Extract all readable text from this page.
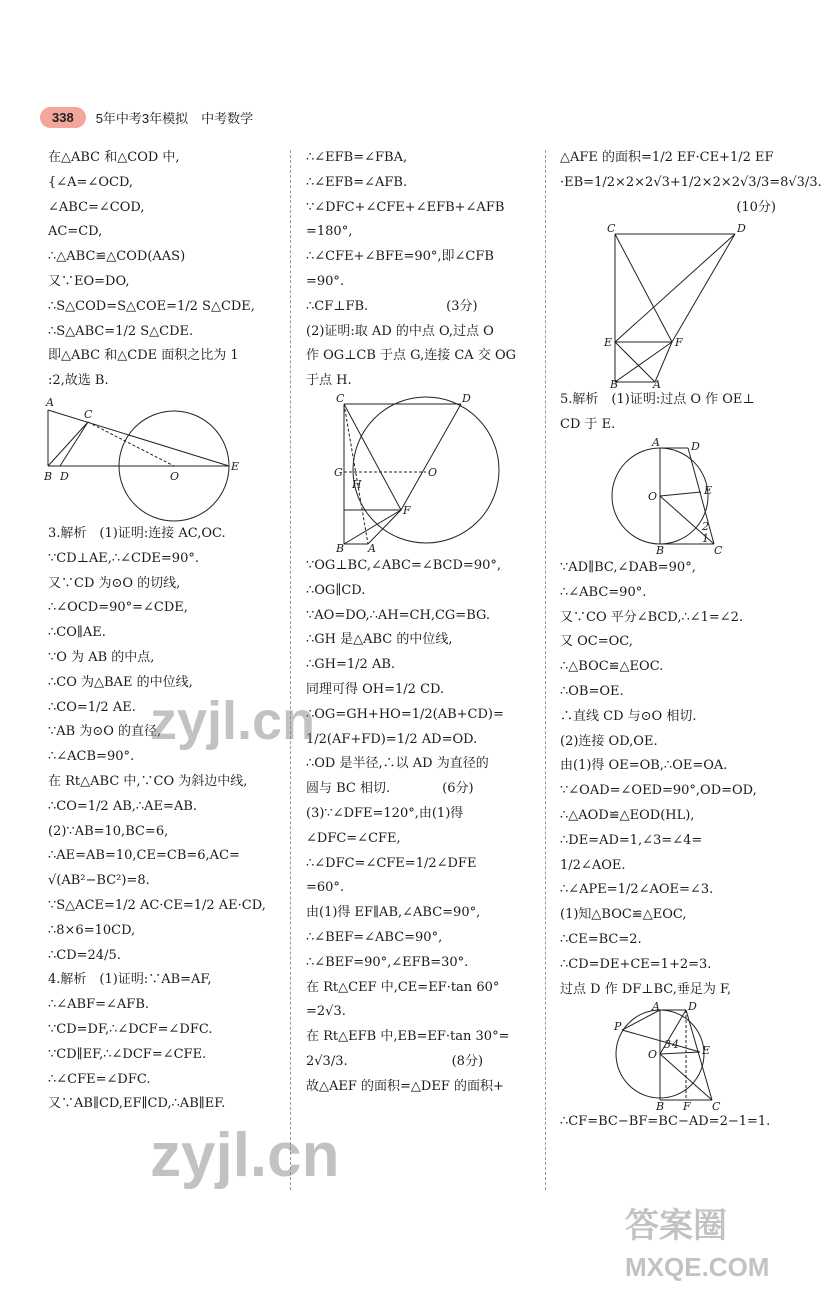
338	5年中考3年模拟　中考数学

在△ABC 和△COD 中,

{∠A=∠OCD,

∠ABC=∠COD,

AC=CD,

∴△ABC≌△COD(AAS)

又∵EO=DO,

∴S△COD=S△COE=1/2 S△CDE,

∴S△ABC=1/2 S△CDE.

即△ABC 和△CDE 面积之比为 1

:2,故选 B.

A
C
B D	O
E

3.解析　(1)证明:连接 AC,OC.

∵CD⊥AE,∴∠CDE=90°.

又∵CD 为⊙O 的切线,

∴∠OCD=90°=∠CDE,

∴CO∥AE.

∵O 为 AB 的中点,

∴CO 为△BAE 的中位线,

∴CO=1/2 AE.

∵AB 为⊙O 的直径,

∴∠ACB=90°.

在 Rt△ABC 中,∵CO 为斜边中线,

∴CO=1/2 AB,∴AE=AB.

(2)∵AB=10,BC=6,

∴AE=AB=10,CE=CB=6,AC=

√(AB²−BC²)=8.

∵S△ACE=1/2 AC·CE=1/2 AE·CD,

∴8×6=10CD,

∴CD=24/5.

4.解析　(1)证明:∵AB=AF,

∴∠ABF=∠AFB.

∵CD=DF,∴∠DCF=∠DFC.

∵CD∥EF,∴∠DCF=∠CFE.

∴∠CFE=∠DFC.

又∵AB∥CD,EF∥CD,∴AB∥EF.

∴∠EFB=∠FBA,

∴∠EFB=∠AFB.

∵∠DFC+∠CFE+∠EFB+∠AFB

=180°,

∴∠CFE+∠BFE=90°,即∠CFB

=90°.

∴CF⊥FB.　　　　　　(3分)

(2)证明:取 AD 的中点 O,过点 O

作 OG⊥CB 于点 G,连接 CA 交 OG

于点 H.

C	D
G	O
H
F
B A

∵OG⊥BC,∠ABC=∠BCD=90°,

∴OG∥CD.

∵AO=DO,∴AH=CH,CG=BG.

∴GH 是△ABC 的中位线,

∴GH=1/2 AB.

同理可得 OH=1/2 CD.

∴OG=GH+HO=1/2(AB+CD)=

1/2(AF+FD)=1/2 AD=OD.

∴OD 是半径,∴以 AD 为直径的

圆与 BC 相切.　　　　(6分)

(3)∵∠DFE=120°,由(1)得

∠DFC=∠CFE,

∴∠DFC=∠CFE=1/2∠DFE

=60°.

由(1)得 EF∥AB,∠ABC=90°,

∴∠BEF=∠ABC=90°,

∴∠BEF=90°,∠EFB=30°.

在 Rt△CEF 中,CE=EF·tan 60°

=2√3.

在 Rt△EFB 中,EB=EF·tan 30°=

2√3/3.　　　　　　　　(8分)

故△AEF 的面积=△DEF 的面积+

△AFE 的面积=1/2 EF·CE+1/2 EF

·EB=1/2×2×2√3+1/2×2×2√3/3=8√3/3.

(10分)

C	D
E	F
B	A

5.解析　(1)证明:过点 O 作 OE⊥

CD 于 E.

A	D
E
O
2
1
B	C

∵AD∥BC,∠DAB=90°,

∴∠ABC=90°.

又∵CO 平分∠BCD,∴∠1=∠2.

又 OC=OC,

∴△BOC≌△EOC.

∴OB=OE.

∴直线 CD 与⊙O 相切.

(2)连接 OD,OE.

由(1)得 OE=OB,∴OE=OA.

∵∠OAD=∠OED=90°,OD=OD,

∴△AOD≌△EOD(HL),

∴DE=AD=1,∠3=∠4=

1/2∠AOE.

∴∠APE=1/2∠AOE=∠3.

(1)知△BOC≌△EOC,

∴CE=BC=2.

∴CD=DE+CE=1+2=3.

过点 D 作 DF⊥BC,垂足为 F,

P
A	D
O
3 4 E
B F C

∴CF=BC−BF=BC−AD=2−1=1.

zyjl.cn
zyjl.cn
答案圈
MXQE.COM
